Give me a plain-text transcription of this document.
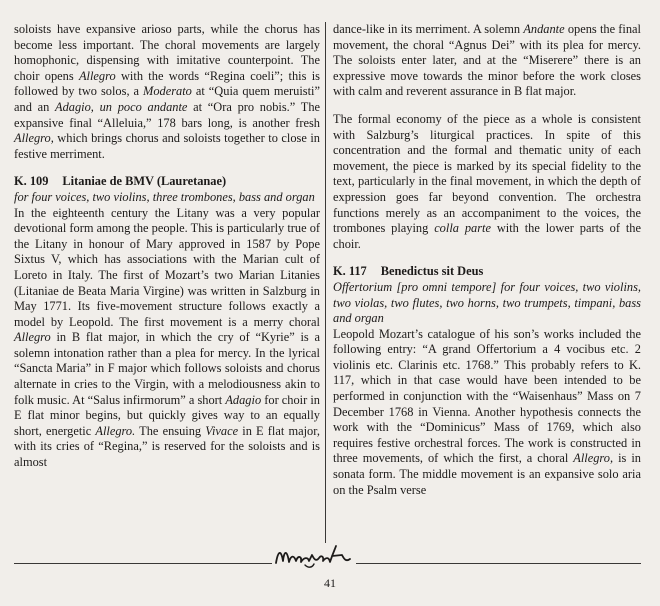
soloists have expansive arioso parts, while the chorus has become less important. The choral movements are largely homophonic, dispensing with imitative counterpoint. The choir opens Allegro with the words “Regina coeli”; this is followed by two solos, a Moderato at “Quia quem meruisti” and an Adagio, un poco andante at “Ora pro nobis.” The expansive final “Alleluia,” 178 bars long, is another fresh Allegro, which brings chorus and soloists together to close in festive merriment.

K. 109 Litaniae de BMV (Lauretanae)

for four voices, two violins, three trombones, bass and organ

In the eighteenth century the Litany was a very popular devotional form among the people. This is particularly true of the Litany in honour of Mary approved in 1587 by Pope Sixtus V, which has associations with the Marian cult of Loreto in Italy. The first of Mozart’s two Marian Litanies (Litaniae de Beata Maria Virgine) was written in Salzburg in May 1771. Its five-movement structure follows exactly a model by Leopold. The first movement is a merry choral Allegro in B flat major, in which the cry of “Kyrie” is a solemn intonation rather than a plea for mercy. In the lyrical “Sancta Maria” in F major which follows soloists and chorus alternate in cries to the Virgin, with a melodiousness akin to folk music. At “Salus infirmorum” a short Adagio for choir in E flat minor begins, but quickly gives way to an equally short, energetic Allegro. The ensuing Vivace in E flat major, with its cries of “Regina,” is reserved for the soloists and is almost

dance-like in its merriment. A solemn Andante opens the final movement, the choral “Agnus Dei” with its plea for mercy. The soloists enter later, and at the “Miserere” there is an expressive move towards the minor before the work closes with calm and reverent assurance in B flat major.

The formal economy of the piece as a whole is consistent with Salzburg’s liturgical practices. In spite of this concentration and the formal and thematic unity of each movement, the piece is marked by its special fidelity to the text, particularly in the final movement, in which the depth of expression goes far beyond convention. The orchestra functions merely as an accompaniment to the voices, the trombones playing colla parte with the lower parts of the choir.

K. 117 Benedictus sit Deus

Offertorium [pro omni tempore] for four voices, two violins, two violas, two flutes, two horns, two trumpets, timpani, bass and organ

Leopold Mozart’s catalogue of his son’s works included the following entry: “A grand Offertorium a 4 vocibus etc. 2 violinis etc. Clarinis etc. 1768.” This probably refers to K. 117, which in that case would have been intended to be performed in conjunction with the “Waisenhaus” Mass on 7 December 1768 in Vienna. Another hypothesis connects the work with the “Dominicus” Mass of 1769, which also requires festive orchestral forces. The work is constructed in three movements, of which the first, a choral Allegro, is in sonata form. The middle movement is an expansive solo aria on the Psalm verse

41
